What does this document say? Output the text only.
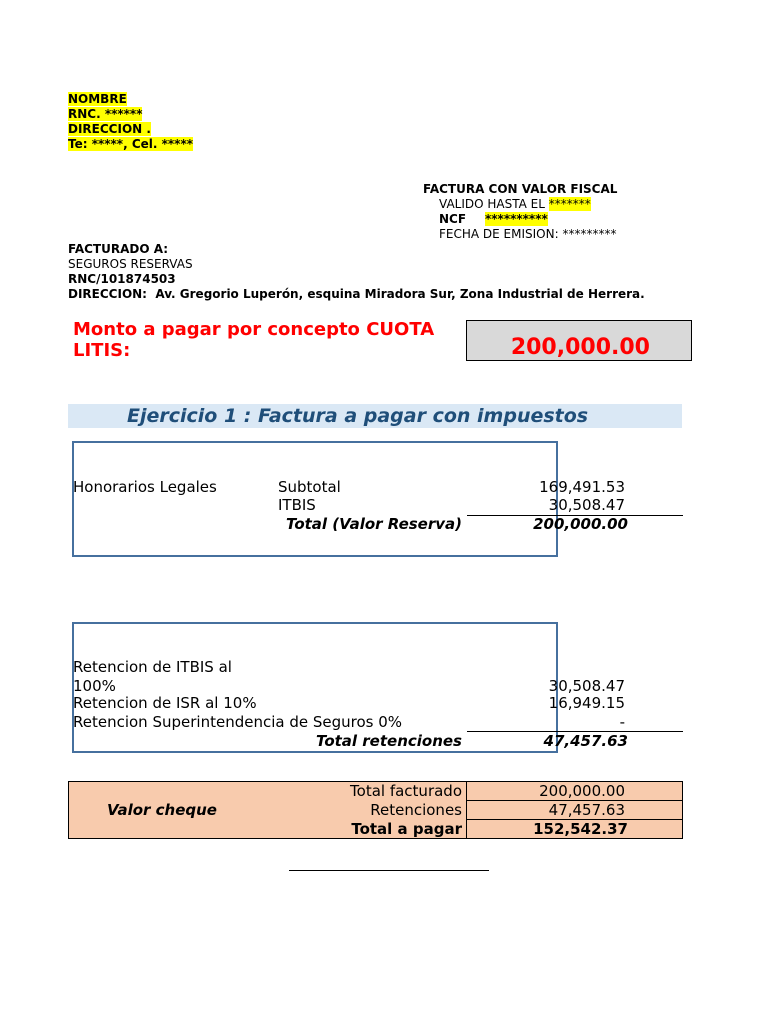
NOMBRE
RNC. ******
DIRECCION .
Te: *****, Cel. *****
FACTURA CON VALOR FISCAL
VALIDO HASTA EL *******
NCF **********
FECHA DE EMISION: *********
FACTURADO A:
SEGUROS RESERVAS
RNC/101874503
DIRECCION: Av. Gregorio Luperón, esquina Miradora Sur, Zona Industrial de Herrera.
Monto a pagar por concepto CUOTA LITIS:	200,000.00
Ejercicio 1 : Factura a pagar con impuestos
Honorarios Legales	Subtotal	169,491.53
ITBIS	30,508.47
Total (Valor Reserva)	200,000.00
Retencion de ITBIS al
100%	30,508.47
Retencion de ISR al 10%	16,949.15
Retencion Superintendencia de Seguros 0%	-
Total retenciones	47,457.63
Valor cheque
Total facturado	200,000.00
Retenciones	47,457.63
Total a pagar	152,542.37
